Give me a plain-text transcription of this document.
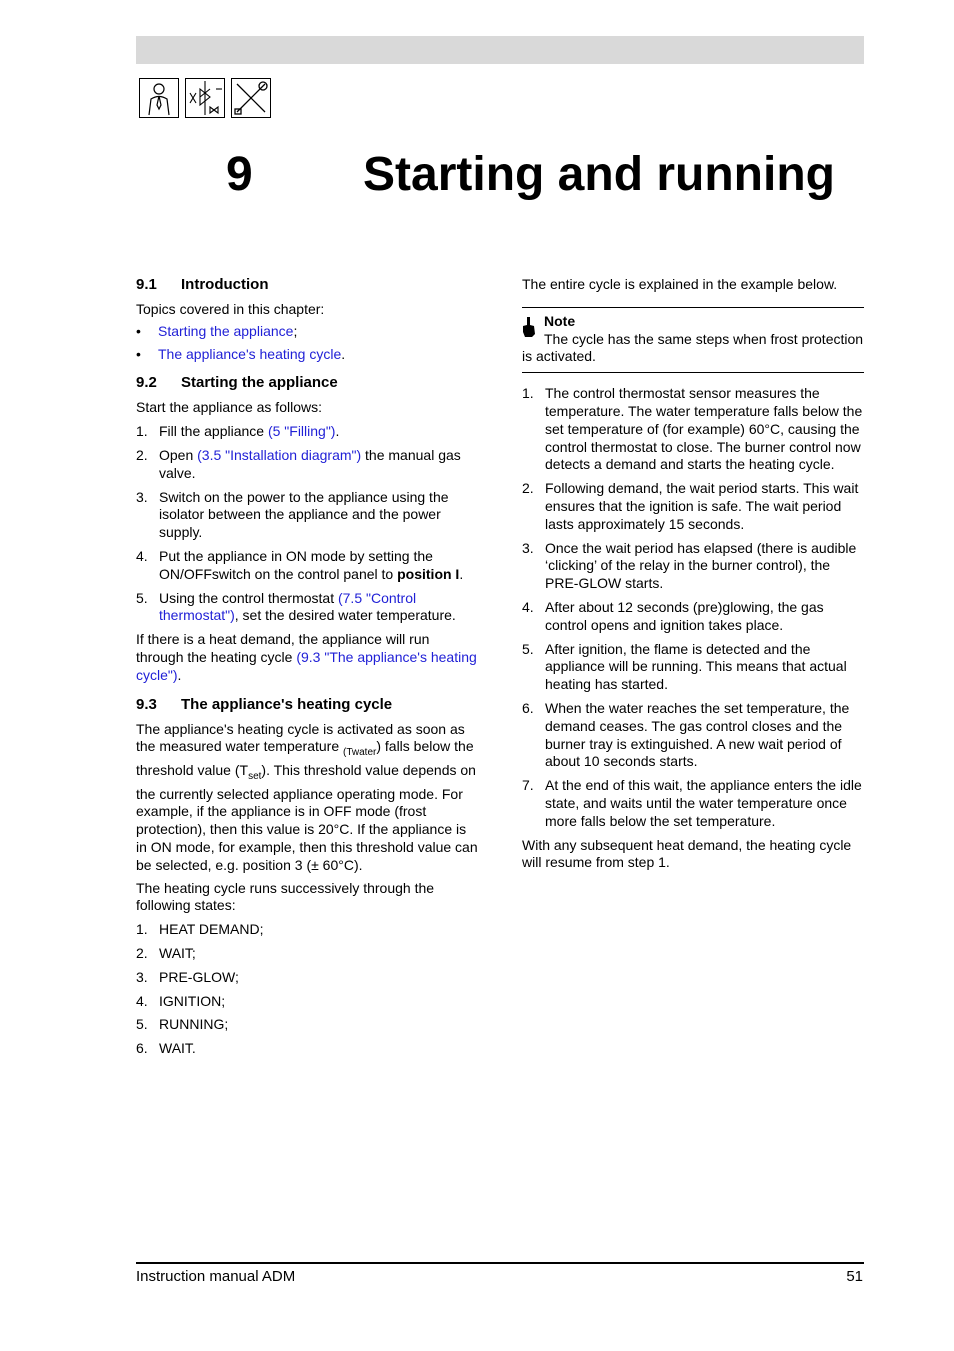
9 Starting and running
9.1 Introduction

Topics covered in this chapter:

• Starting the appliance;
• The appliance's heating cycle.
9.2 Starting the appliance

Start the appliance as follows:

1. Fill the appliance (5 "Filling").
2. Open (3.5 "Installation diagram") the manual gas valve.
3. Switch on the power to the appliance using the isolator between the appliance and the power supply.
4. Put the appliance in ON mode by setting the ON/OFFswitch on the control panel to position I.
5. Using the control thermostat (7.5 "Control thermostat"), set the desired water temperature.

If there is a heat demand, the appliance will run through the heating cycle (9.3 "The appliance's heating cycle").

9.3 The appliance's heating cycle

The appliance's heating cycle is activated as soon as the measured water temperature $_{(Twater}$) falls below the threshold value $(T_{set})$. This threshold value depends on the currently selected appliance operating mode. For example, if the appliance is in OFF mode (frost protection), then this value is 20°C. If the appliance is in ON mode, for example, then this threshold value can be selected, e.g. position 3 (± 60°C).

The heating cycle runs successively through the following states:

1. HEAT DEMAND;
2. WAIT;
3. PRE-GLOW;
4. IGNITION;
5. RUNNING;
6. WAIT.

The entire cycle is explained in the example below.

Note

The cycle has the same steps when frost protection is activated.

1. The control thermostat sensor measures the temperature. The water temperature falls below the set temperature of (for example) 60°C, causing the control thermostat to close. The burner control now detects a demand and starts the heating cycle.
2. Following demand, the wait period starts. This wait ensures that the ignition is safe. The wait period lasts approximately 15 seconds.
3. Once the wait period has elapsed (there is audible ‘clicking’ of the relay in the burner control), the PRE-GLOW starts.
4. After about 12 seconds (pre)glowing, the gas control opens and ignition takes place.
5. After ignition, the flame is detected and the appliance will be running. This means that actual heating has started.
6. When the water reaches the set temperature, the demand ceases. The gas control closes and the burner tray is extinguished. A new wait period of about 10 seconds starts.
7. At the end of this wait, the appliance enters the idle state, and waits until the water temperature once more falls below the set temperature.

With any subsequent heat demand, the heating cycle will resume from step 1.

Instruction manual ADM	51
